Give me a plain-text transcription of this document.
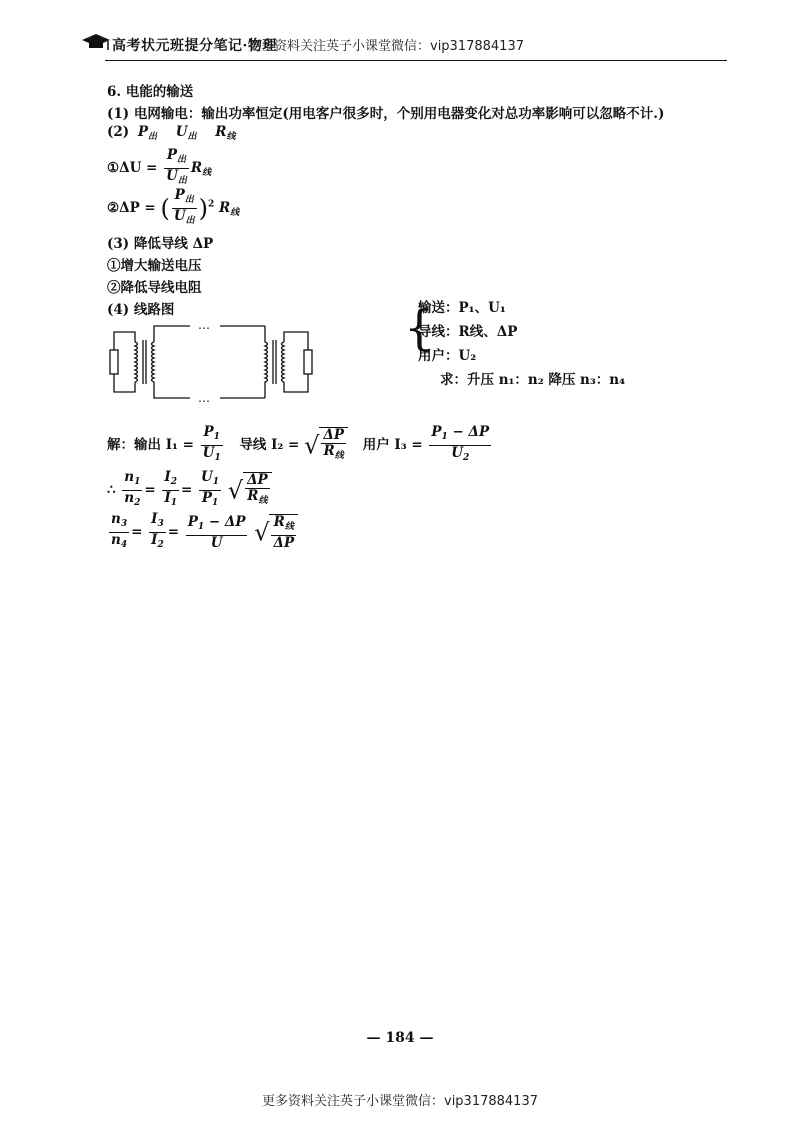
高考状元班提分笔记·物理
更多资料关注英子小课堂微信：vip317884137
6. 电能的输送
(1) 电网输电：输出功率恒定(用电客户很多时，个别用电器变化对总功率影响可以忽略不计.)
(2) $P_出$ $U_出$ $R_线$
①ΔU = $\frac{P_出}{U_出} R_线$
②ΔP = ( $\frac{P_出}{U_出} )^2$ $R_线$
(3) 降低导线 ΔP
①增大输送电压
②降低导线电阻
(4) 线路图
…
…
{
输送：P₁、U₁
导线：R线、ΔP
用户：U₂
求：升压 n₁：n₂ 降压 n₃：n₄
解：输出 $I_1 = \frac{P_1}{U_1}$ 导线 I₂ = √ $\frac{\Delta P}{R_线}$ 用户 $I_3 = \frac{P_1 - \Delta P}{U_2}$
∴ $\frac{n_1}{n_2} = \frac{I_2}{I_1} = \frac{U_1}{P_1}$ √ $\frac{\Delta P}{R_线}$
$\frac{n_3}{n_4} = \frac{I_3}{I_2} = \frac{P_1 - \Delta P}{U}$ √ $\frac{R_线}{\Delta P}$
— 184 —
更多资料关注英子小课堂微信：vip317884137
